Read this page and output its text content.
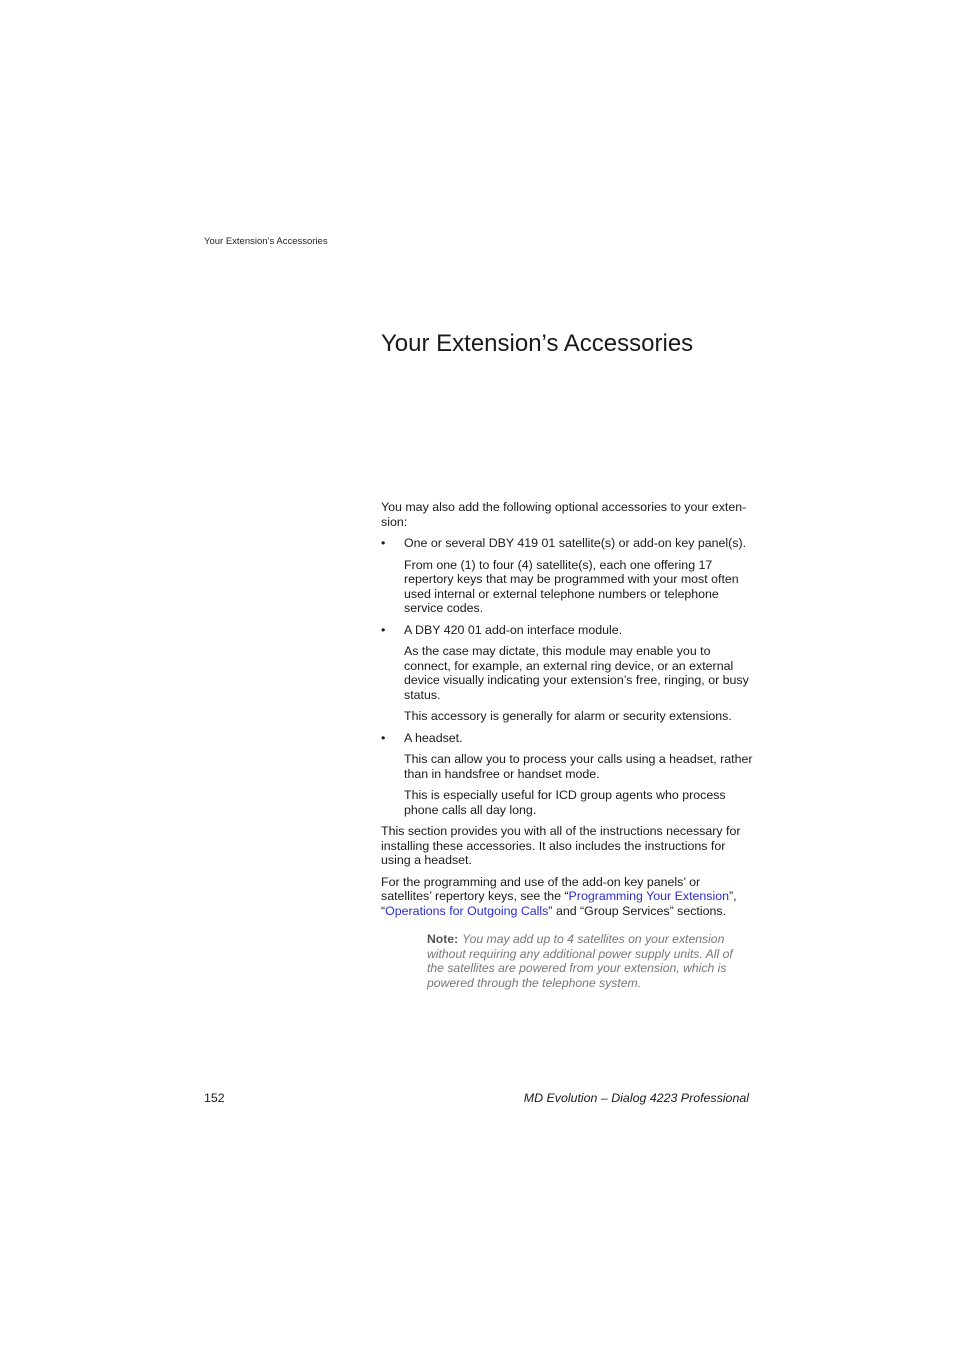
Your Extension’s Accessories
Your Extension’s Accessories

You may also add the following optional accessories to your exten-sion:

• One or several DBY 419 01 satellite(s) or add-on key panel(s).

From one (1) to four (4) satellite(s), each one offering 17 repertory keys that may be programmed with your most often used internal or external telephone numbers or telephone service codes.

• A DBY 420 01 add-on interface module.

As the case may dictate, this module may enable you to connect, for example, an external ring device, or an external device visually indicating your extension’s free, ringing, or busy status.

This accessory is generally for alarm or security extensions.

• A headset.

This can allow you to process your calls using a headset, rather than in handsfree or handset mode.

This is especially useful for ICD group agents who process phone calls all day long.

This section provides you with all of the instructions necessary for installing these accessories. It also includes the instructions for using a headset.

For the programming and use of the add-on key panels’ or satellites’ repertory keys, see the “Programming Your Extension”, “Operations for Outgoing Calls” and “Group Services” sections.

Note: You may add up to 4 satellites on your extension without requiring any additional power supply units. All of the satellites are powered from your extension, which is powered through the telephone system.
152	MD Evolution – Dialog 4223 Professional
